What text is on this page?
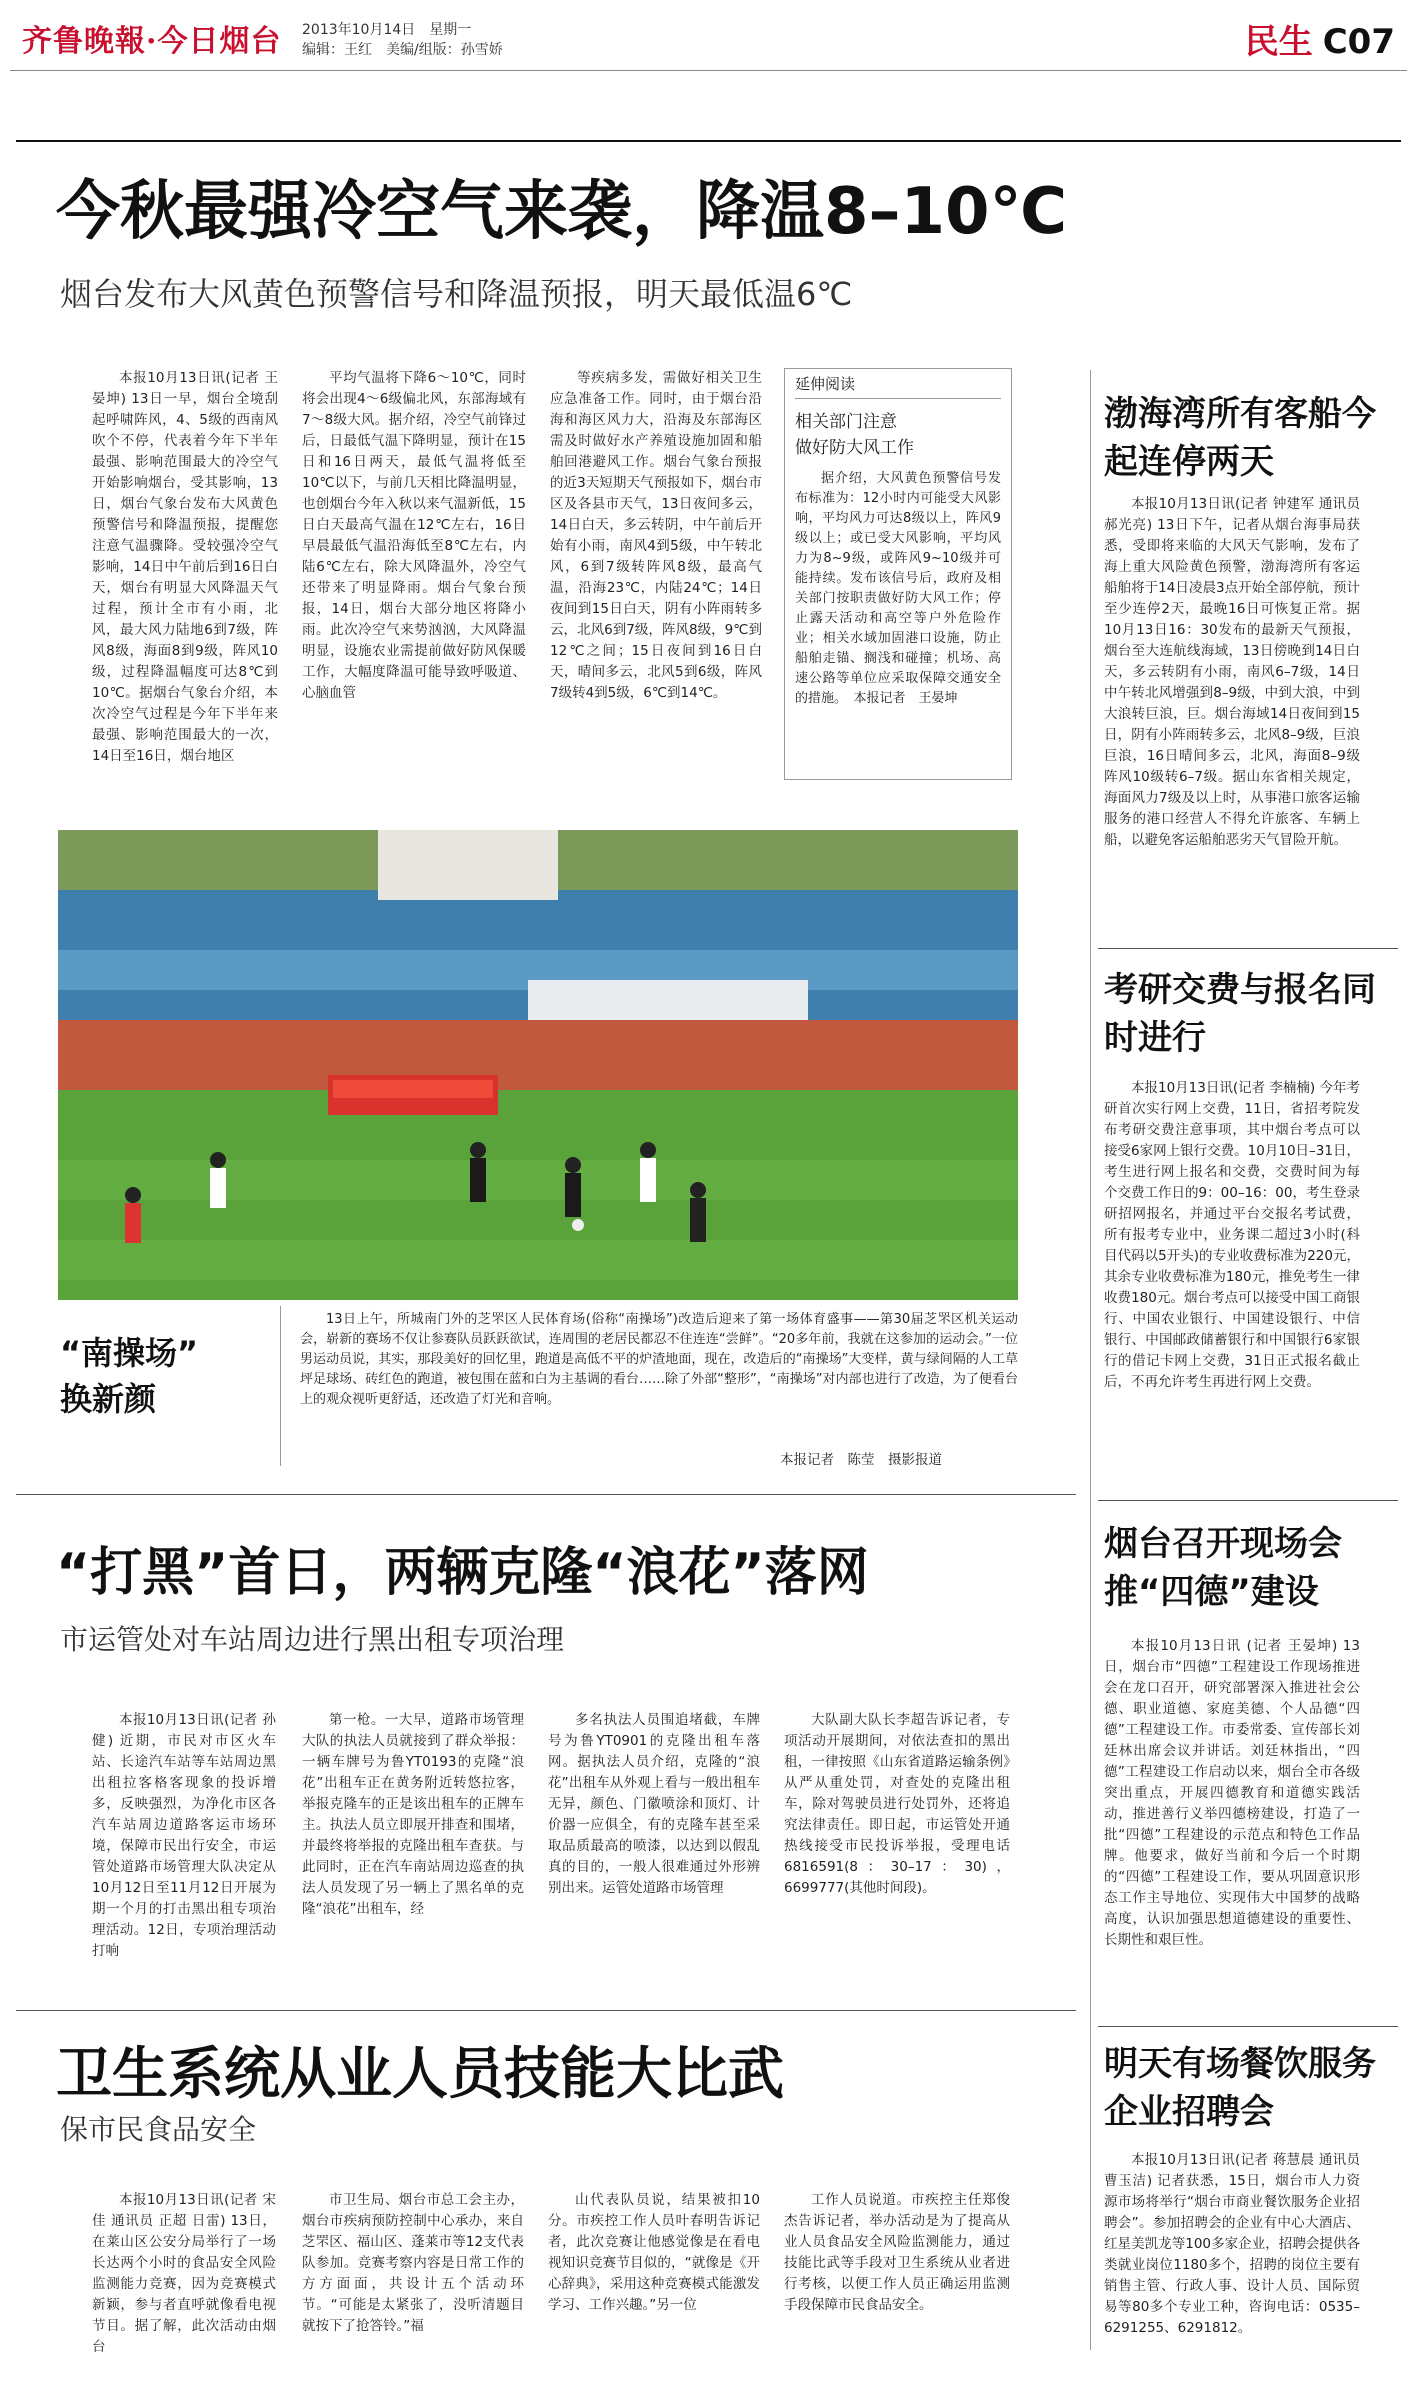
齐鲁晚報·今日烟台 2013年10月14日　星期一
编辑：王红　美编/组版：孙雪娇	民生 C07
今秋最强冷空气来袭，降温8–10℃
烟台发布大风黄色预警信号和降温预报，明天最低温6℃

本报10月13日讯(记者 王晏坤) 13日一早，烟台全境刮起呼啸阵风，4、5级的西南风吹个不停，代表着今年下半年最强、影响范围最大的冷空气开始影响烟台，受其影响，13日，烟台气象台发布大风黄色预警信号和降温预报，提醒您注意气温骤降。受较强冷空气影响，14日中午前后到16日白天，烟台有明显大风降温天气过程，预计全市有小雨，北风，最大风力陆地6到7级，阵风8级，海面8到9级，阵风10级，过程降温幅度可达8℃到10℃。据烟台气象台介绍，本次冷空气过程是今年下半年来最强、影响范围最大的一次，14日至16日，烟台地区

平均气温将下降6～10℃，同时将会出现4～6级偏北风，东部海域有7～8级大风。据介绍，冷空气前锋过后，日最低气温下降明显，预计在15日和16日两天，最低气温将低至10℃以下，与前几天相比降温明显，也创烟台今年入秋以来气温新低，15日白天最高气温在12℃左右，16日早晨最低气温沿海低至8℃左右，内陆6℃左右，除大风降温外，冷空气还带来了明显降雨。烟台气象台预报，14日，烟台大部分地区将降小雨。此次冷空气来势汹汹，大风降温明显，设施农业需提前做好防风保暖工作，大幅度降温可能导致呼吸道、心脑血管

等疾病多发，需做好相关卫生应急准备工作。同时，由于烟台沿海和海区风力大，沿海及东部海区需及时做好水产养殖设施加固和船舶回港避风工作。烟台气象台预报的近3天短期天气预报如下，烟台市区及各县市天气，13日夜间多云，14日白天，多云转阴，中午前后开始有小雨，南风4到5级，中午转北风，6到7级转阵风8级，最高气温，沿海23℃，内陆24℃；14日夜间到15日白天，阴有小阵雨转多云，北风6到7级，阵风8级，9℃到12℃之间；15日夜间到16日白天，晴间多云，北风5到6级，阵风7级转4到5级，6℃到14℃。

延伸阅读
相关部门注意
做好防大风工作

据介绍，大风黄色预警信号发布标准为：12小时内可能受大风影响，平均风力可达8级以上，阵风9级以上；或已受大风影响，平均风力为8~9级，或阵风9~10级并可能持续。发布该信号后，政府及相关部门按职责做好防大风工作；停止露天活动和高空等户外危险作业；相关水域加固港口设施，防止船舶走锚、搁浅和碰撞；机场、高速公路等单位应采取保障交通安全的措施。　本报记者　王晏坤

“南操场”
换新颜

13日上午，所城南门外的芝罘区人民体育场(俗称“南操场”)改造后迎来了第一场体育盛事——第30届芝罘区机关运动会，崭新的赛场不仅让参赛队员跃跃欲试，连周围的老居民都忍不住连连“尝鲜”。“20多年前，我就在这参加的运动会。”一位男运动员说，其实，那段美好的回忆里，跑道是高低不平的炉渣地面，现在，改造后的“南操场”大变样，黄与绿间隔的人工草坪足球场、砖红色的跑道，被包围在蓝和白为主基调的看台……除了外部“整形”，“南操场”对内部也进行了改造，为了便看台上的观众视听更舒适，还改造了灯光和音响。

本报记者　陈莹　摄影报道
“打黑”首日，两辆克隆“浪花”落网
市运管处对车站周边进行黑出租专项治理

本报10月13日讯(记者 孙健) 近期，市民对市区火车站、长途汽车站等车站周边黑出租拉客格客现象的投诉增多，反映强烈，为净化市区各汽车站周边道路客运市场环境，保障市民出行安全，市运管处道路市场管理大队决定从10月12日至11月12日开展为期一个月的打击黑出租专项治理活动。12日，专项治理活动打响

第一枪。一大早，道路市场管理大队的执法人员就接到了群众举报：一辆车牌号为鲁YT0193的克隆“浪花”出租车正在黄务附近转悠拉客，举报克隆车的正是该出租车的正牌车主。执法人员立即展开排查和围堵，并最终将举报的克隆出租车查获。与此同时，正在汽车南站周边巡查的执法人员发现了另一辆上了黑名单的克隆“浪花”出租车，经

多名执法人员围追堵截，车牌号为鲁YT0901的克隆出租车落网。据执法人员介绍，克隆的“浪花”出租车从外观上看与一般出租车无异，颜色、门徽喷涂和顶灯、计价器一应俱全，有的克隆车甚至采取品质最高的喷漆，以达到以假乱真的目的，一般人很难通过外形辨别出来。运管处道路市场管理

大队副大队长李超告诉记者，专项活动开展期间，对依法查扣的黑出租，一律按照《山东省道路运输条例》从严从重处罚，对查处的克隆出租车，除对驾驶员进行处罚外，还将追究法律责任。即日起，市运管处开通热线接受市民投诉举报，受理电话6816591(8：30–17：30)，6699777(其他时间段)。

卫生系统从业人员技能大比武
保市民食品安全

本报10月13日讯(记者 宋佳 通讯员 正超 日雷) 13日，在莱山区公安分局举行了一场长达两个小时的食品安全风险监测能力竞赛，因为竞赛模式新颖，参与者直呼就像看电视节目。据了解，此次活动由烟台

市卫生局、烟台市总工会主办，烟台市疾病预防控制中心承办，来自芝罘区、福山区、蓬莱市等12支代表队参加。竞赛考察内容是日常工作的方方面面，共设计五个活动环节。“可能是太紧张了，没听清题目就按下了抢答铃。”福

山代表队员说，结果被扣10分。市疾控工作人员叶春明告诉记者，此次竞赛让他感觉像是在看电视知识竞赛节目似的，“就像是《开心辞典》，采用这种竞赛模式能激发学习、工作兴趣。”另一位

工作人员说道。市疾控主任郑俊杰告诉记者，举办活动是为了提高从业人员食品安全风险监测能力，通过技能比武等手段对卫生系统从业者进行考核，以便工作人员正确运用监测手段保障市民食品安全。

渤海湾所有客船今起连停两天

本报10月13日讯(记者 钟建军 通讯员 郝光亮) 13日下午，记者从烟台海事局获悉，受即将来临的大风天气影响，发布了海上重大风险黄色预警，渤海湾所有客运船舶将于14日凌晨3点开始全部停航，预计至少连停2天，最晚16日可恢复正常。据10月13日16：30发布的最新天气预报，烟台至大连航线海域，13日傍晚到14日白天，多云转阴有小雨，南风6–7级，14日中午转北风增强到8–9级，中到大浪，中到大浪转巨浪，巨。烟台海域14日夜间到15日，阴有小阵雨转多云，北风8–9级，巨浪巨浪，16日晴间多云，北风，海面8–9级阵风10级转6–7级。据山东省相关规定，海面风力7级及以上时，从事港口旅客运输服务的港口经营人不得允许旅客、车辆上船，以避免客运船舶恶劣天气冒险开航。

考研交费与报名同时进行

本报10月13日讯(记者 李楠楠) 今年考研首次实行网上交费，11日，省招考院发布考研交费注意事项，其中烟台考点可以接受6家网上银行交费。10月10日–31日，考生进行网上报名和交费，交费时间为每个交费工作日的9：00–16：00，考生登录研招网报名，并通过平台交报名考试费，所有报考专业中，业务课二超过3小时(科目代码以5开头)的专业收费标准为220元，其余专业收费标准为180元，推免考生一律收费180元。烟台考点可以接受中国工商银行、中国农业银行、中国建设银行、中信银行、中国邮政储蓄银行和中国银行6家银行的借记卡网上交费，31日正式报名截止后，不再允许考生再进行网上交费。

烟台召开现场会推“四德”建设

本报10月13日讯 (记者 王晏坤) 13日，烟台市“四德”工程建设工作现场推进会在龙口召开，研究部署深入推进社会公德、职业道德、家庭美德、个人品德“四德”工程建设工作。市委常委、宣传部长刘廷林出席会议并讲话。刘廷林指出，“四德”工程建设工作启动以来，烟台全市各级突出重点，开展四德教育和道德实践活动，推进善行义举四德榜建设，打造了一批“四德”工程建设的示范点和特色工作品牌。他要求，做好当前和今后一个时期的“四德”工程建设工作，要从巩固意识形态工作主导地位、实现伟大中国梦的战略高度，认识加强思想道德建设的重要性、长期性和艰巨性。

明天有场餐饮服务企业招聘会

本报10月13日讯(记者 蒋慧晨 通讯员 曹玉洁) 记者获悉，15日，烟台市人力资源市场将举行“烟台市商业餐饮服务企业招聘会”。参加招聘会的企业有中心大酒店、红星美凯龙等100多家企业，招聘会提供各类就业岗位1180多个，招聘的岗位主要有销售主管、行政人事、设计人员、国际贸易等80多个专业工种，咨询电话：0535–6291255、6291812。
